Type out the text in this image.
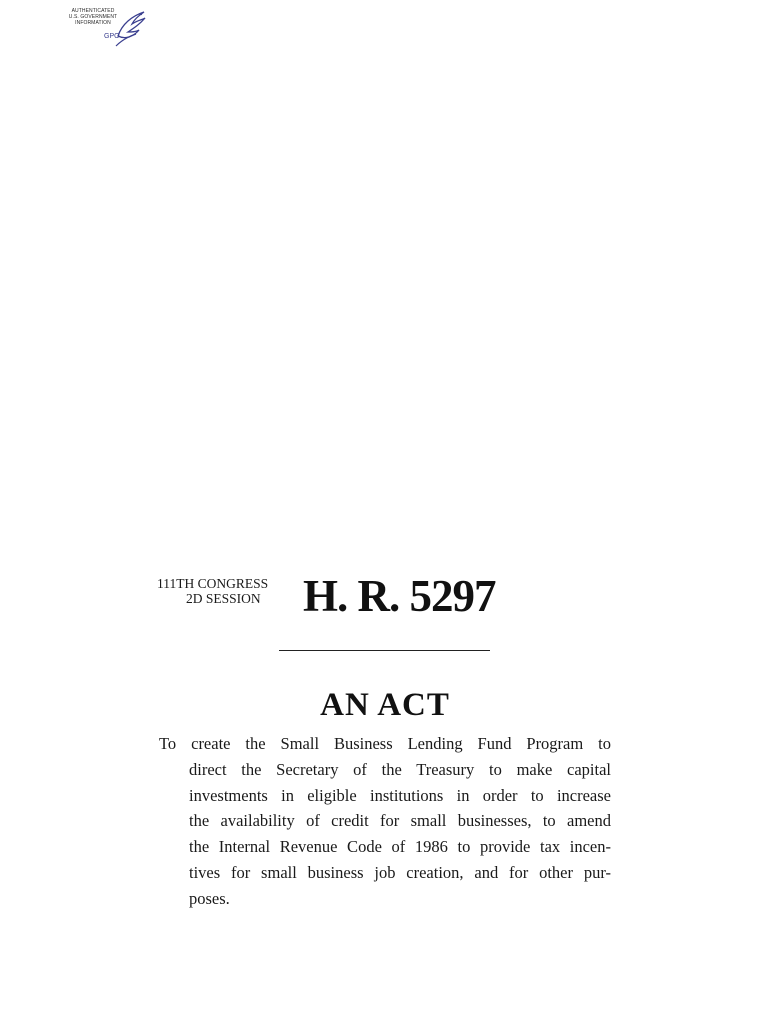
AUTHENTICATED
U.S. GOVERNMENT
INFORMATION
GPO
111TH CONGRESS
2D SESSION H. R. 5297
AN ACT
To create the Small Business Lending Fund Program to
direct the Secretary of the Treasury to make capital
investments in eligible institutions in order to increase
the availability of credit for small businesses, to amend
the Internal Revenue Code of 1986 to provide tax incen-
tives for small business job creation, and for other pur-
poses.
